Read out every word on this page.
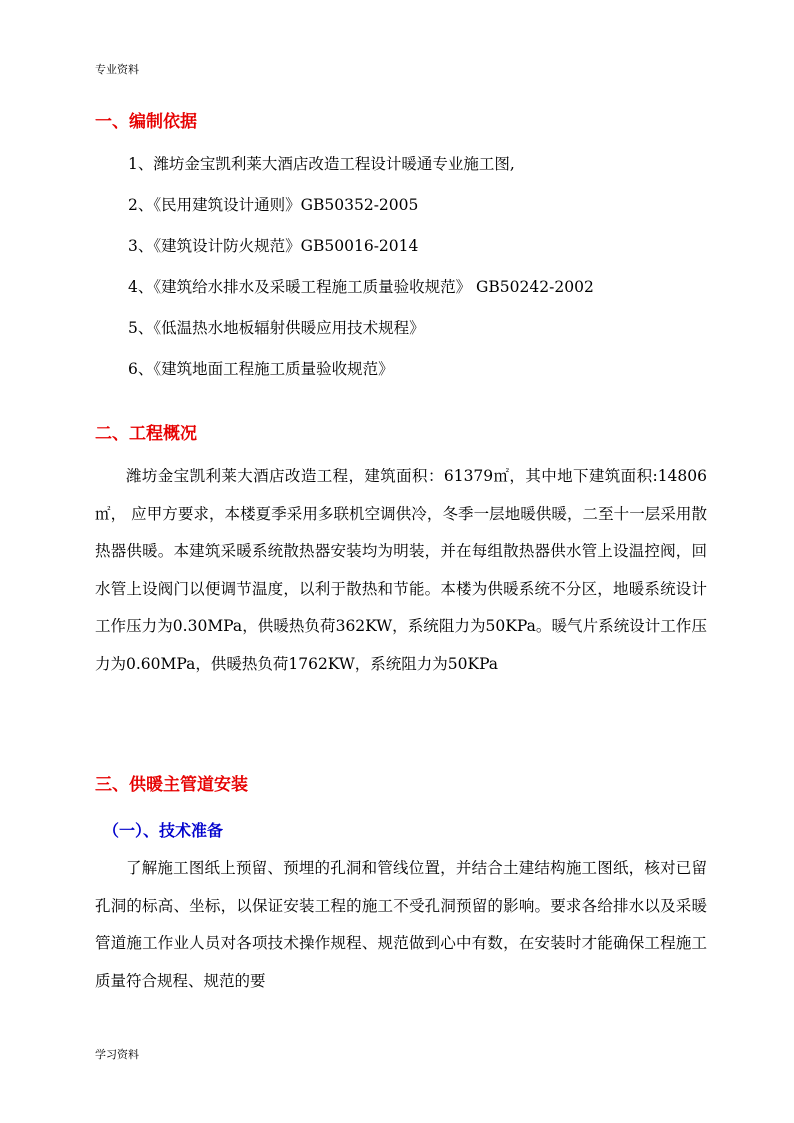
专业资料
一、编制依据
1、潍坊金宝凯利莱大酒店改造工程设计暖通专业施工图,
2、《民用建筑设计通则》GB50352-2005
3、《建筑设计防火规范》GB50016-2014
4、《建筑给水排水及采暖工程施工质量验收规范》 GB50242-2002
5、《低温热水地板辐射供暖应用技术规程》
6、《建筑地面工程施工质量验收规范》
二、工程概况

潍坊金宝凯利莱大酒店改造工程，建筑面积：61379㎡，其中地下建筑面积:14806㎡， 应甲方要求，本楼夏季采用多联机空调供冷，冬季一层地暖供暖，二至十一层采用散热器供暖。本建筑采暖系统散热器安装均为明装，并在每组散热器供水管上设温控阀，回水管上设阀门以便调节温度，以利于散热和节能。本楼为供暖系统不分区，地暖系统设计工作压力为0.30MPa，供暖热负荷362KW，系统阻力为50KPa。暖气片系统设计工作压力为0.60MPa，供暖热负荷1762KW，系统阻力为50KPa

三、供暖主管道安装
（一）、技术准备

了解施工图纸上预留、预埋的孔洞和管线位置，并结合土建结构施工图纸，核对已留孔洞的标高、坐标，以保证安装工程的施工不受孔洞预留的影响。要求各给排水以及采暖管道施工作业人员对各项技术操作规程、规范做到心中有数，在安装时才能确保工程施工质量符合规程、规范的要

学习资料
